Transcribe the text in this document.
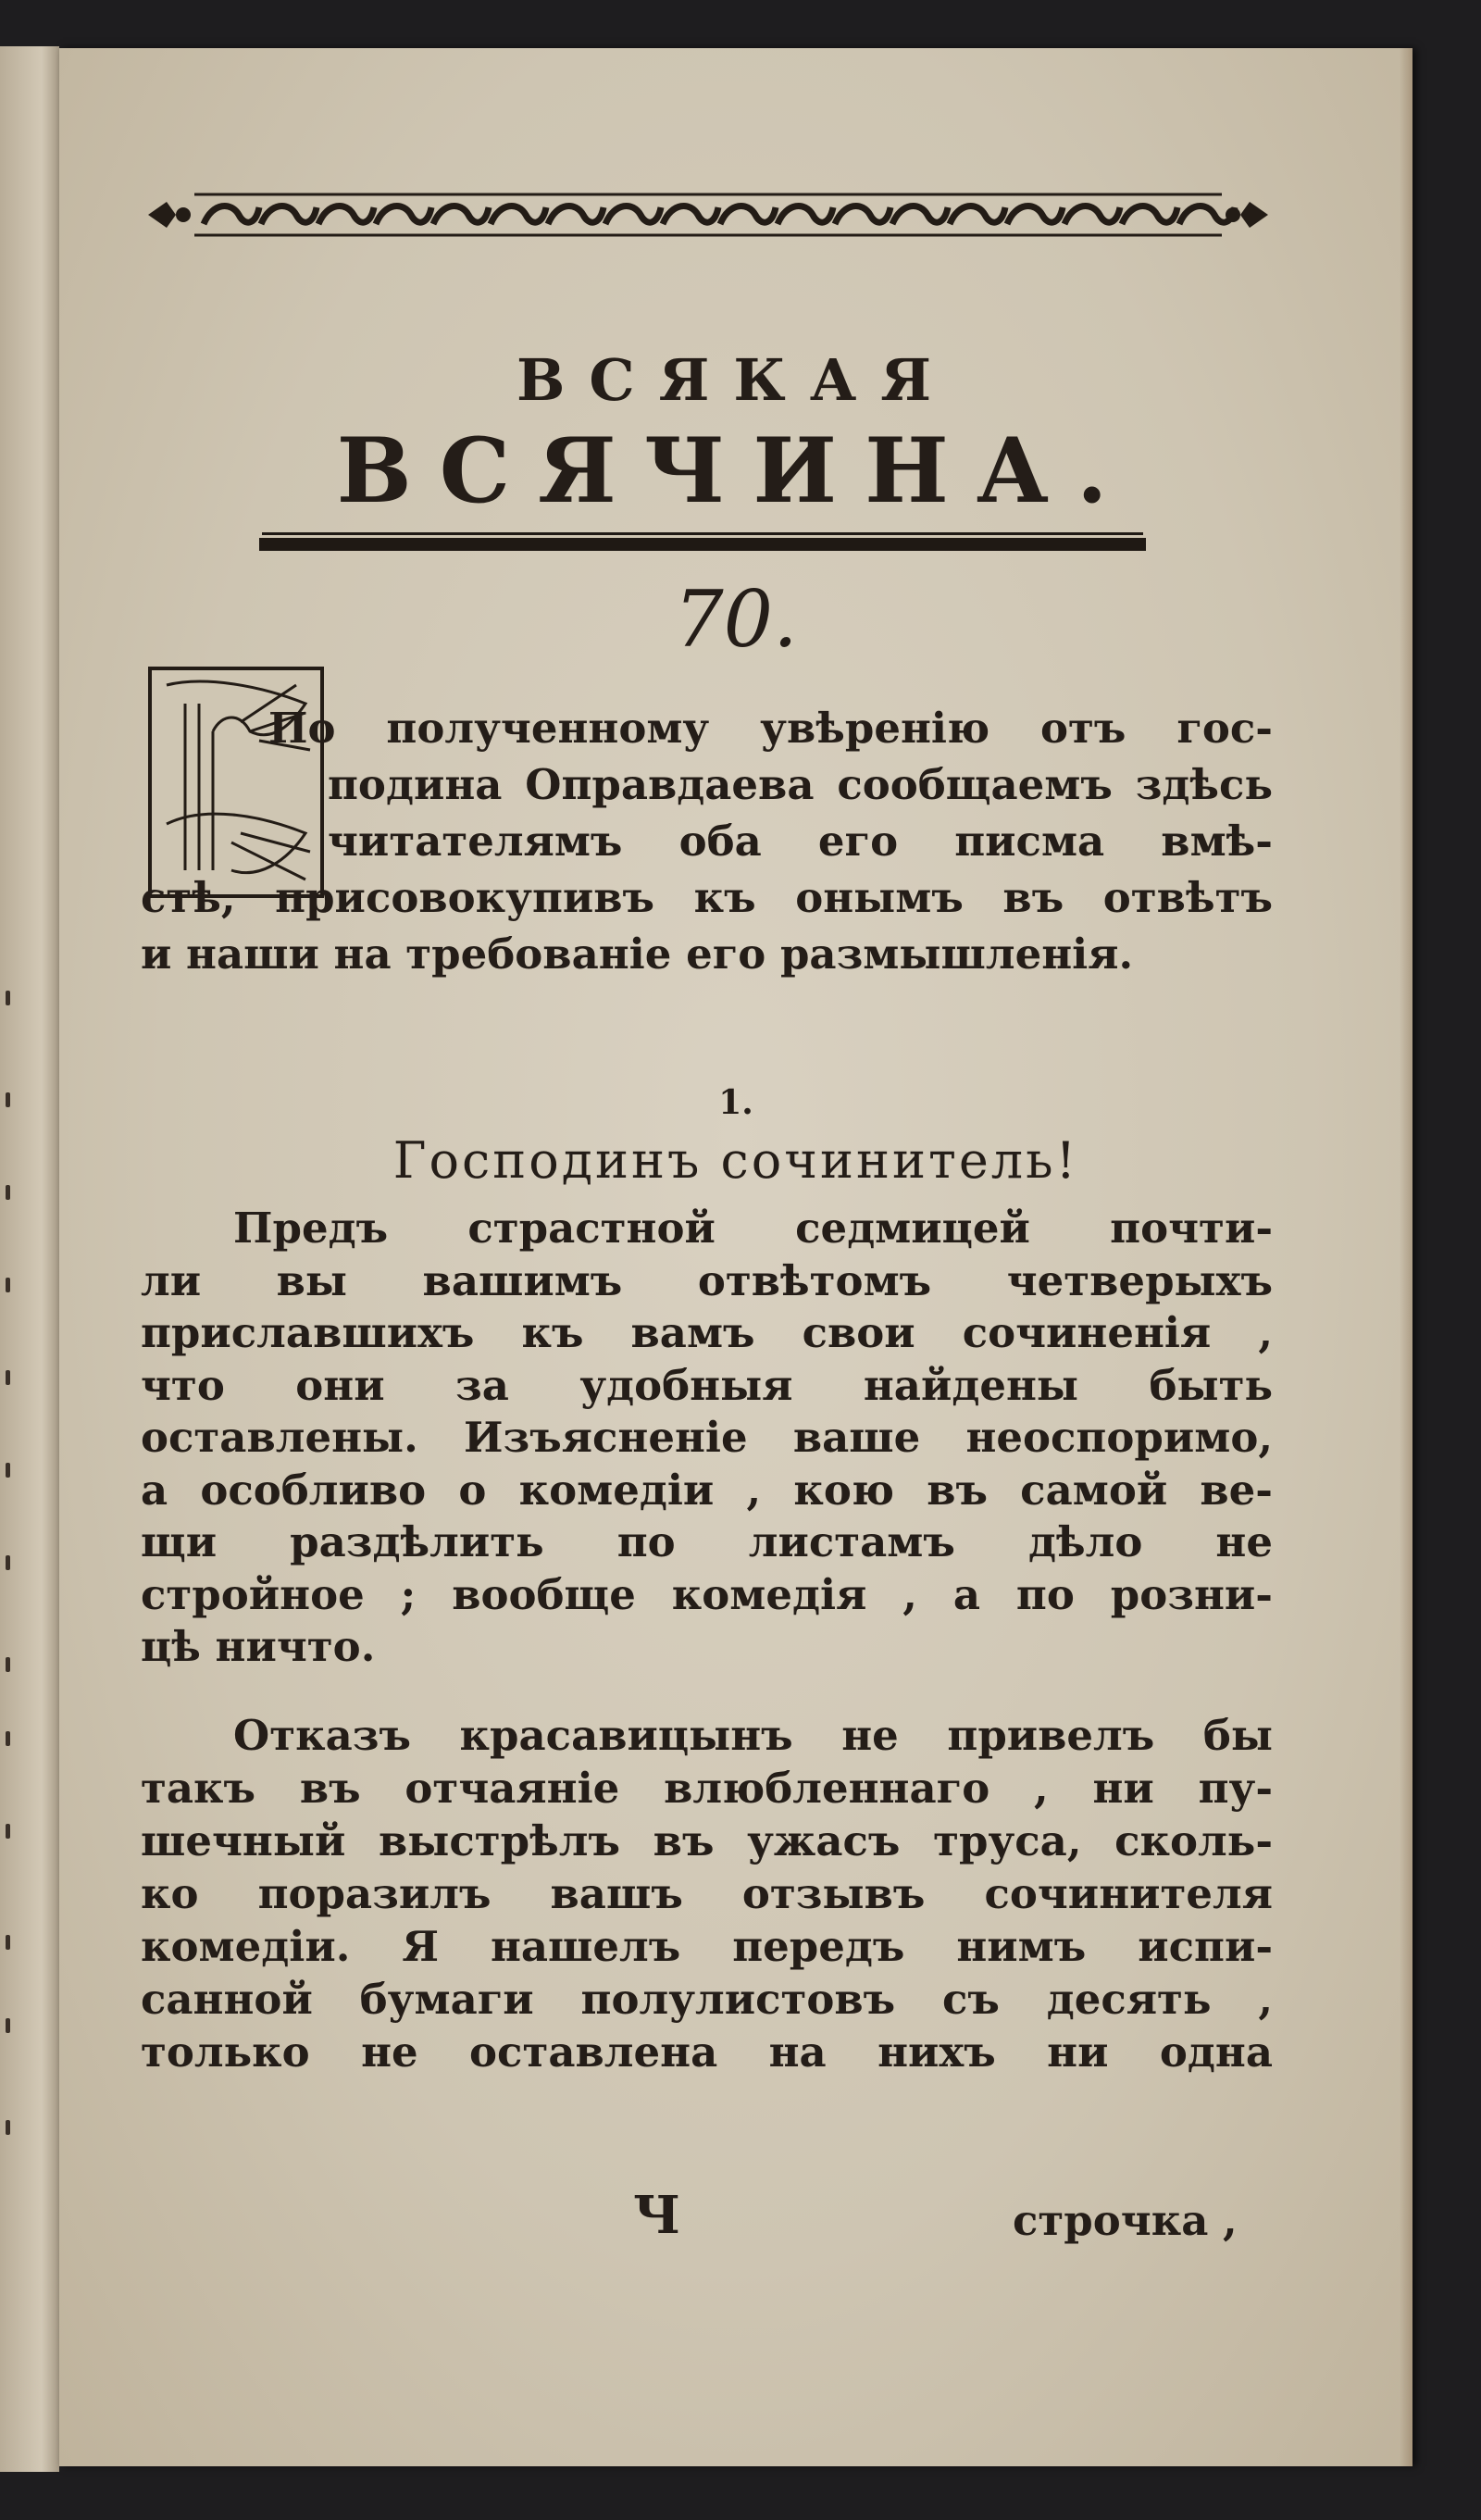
ВСЯКАЯ
ВСЯЧИНА.
70.
По полученному увѣренію отъ гос-
подина Оправдаева сообщаемъ здѣсь
читателямъ оба его писма вмѣ-
стѣ, присовокупивъ къ онымъ въ отвѣтъ
и наши на требованіе его размышленія.
1.
Господинъ сочинитель!
Предъ страстной седмицей почти-
ли вы вашимъ отвѣтомъ четверыхъ
приславшихъ къ вамъ свои сочиненія ,
что они за удобныя найдены быть
оставлены. Изъясненіе ваше неоспоримо,
а особливо о комедіи , кою въ самой ве-
щи раздѣлить по листамъ дѣло не
стройное ; вообще комедія , а по розни-
цѣ ничто.
Отказъ красавицынъ не привелъ бы
такъ въ отчаяніе влюбленнаго , ни пу-
шечный выстрѣлъ въ ужасъ труса, сколь-
ко поразилъ вашъ отзывъ сочинителя
комедіи. Я нашелъ передъ нимъ испи-
санной бумаги полулистовъ съ десять ,
только не оставлена на нихъ ни одна
Ч	строчка ,
